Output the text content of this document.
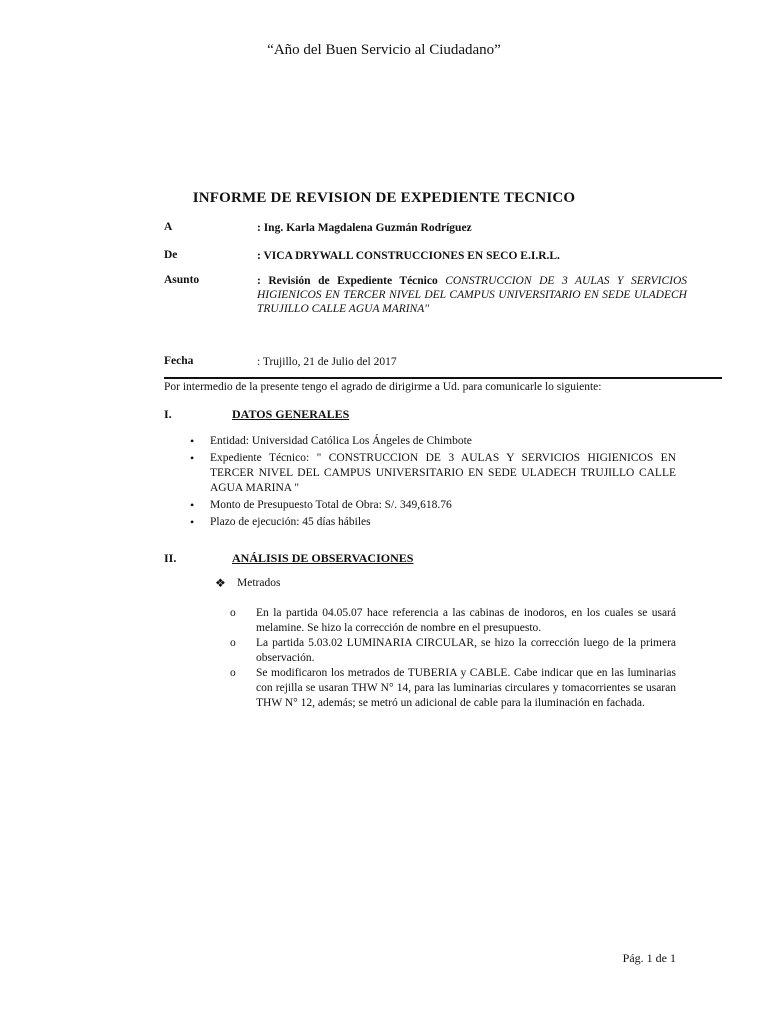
“Año del Buen Servicio al Ciudadano”
INFORME DE REVISION DE EXPEDIENTE TECNICO
A	: Ing. Karla Magdalena Guzmán Rodríguez
De	: VICA DRYWALL CONSTRUCCIONES EN SECO E.I.R.L.
Asunto	: Revisión de Expediente Técnico CONSTRUCCION DE 3 AULAS Y SERVICIOS HIGIENICOS EN TERCER NIVEL DEL CAMPUS UNIVERSITARIO EN SEDE ULADECH TRUJILLO CALLE AGUA MARINA"
Fecha	: Trujillo, 21 de Julio del 2017
Por intermedio de la presente tengo el agrado de dirigirme a Ud. para comunicarle lo siguiente:
I.	DATOS GENERALES
• Entidad: Universidad Católica Los Ángeles de Chimbote
• Expediente Técnico: " CONSTRUCCION DE 3 AULAS Y SERVICIOS HIGIENICOS EN TERCER NIVEL DEL CAMPUS UNIVERSITARIO EN SEDE ULADECH TRUJILLO CALLE AGUA MARINA "
• Monto de Presupuesto Total de Obra: S/. 349,618.76
• Plazo de ejecución: 45 días hábiles
II.	ANÁLISIS DE OBSERVACIONES
❖ Metrados
o En la partida 04.05.07 hace referencia a las cabinas de inodoros, en los cuales se usará melamine. Se hizo la corrección de nombre en el presupuesto.
o La partida 5.03.02 LUMINARIA CIRCULAR, se hizo la corrección luego de la primera observación.
o Se modificaron los metrados de TUBERIA y CABLE. Cabe indicar que en las luminarias con rejilla se usaran THW N° 14, para las luminarias circulares y tomacorrientes se usaran THW N° 12, además; se metró un adicional de cable para la iluminación en fachada.
Pág. 1 de 1
